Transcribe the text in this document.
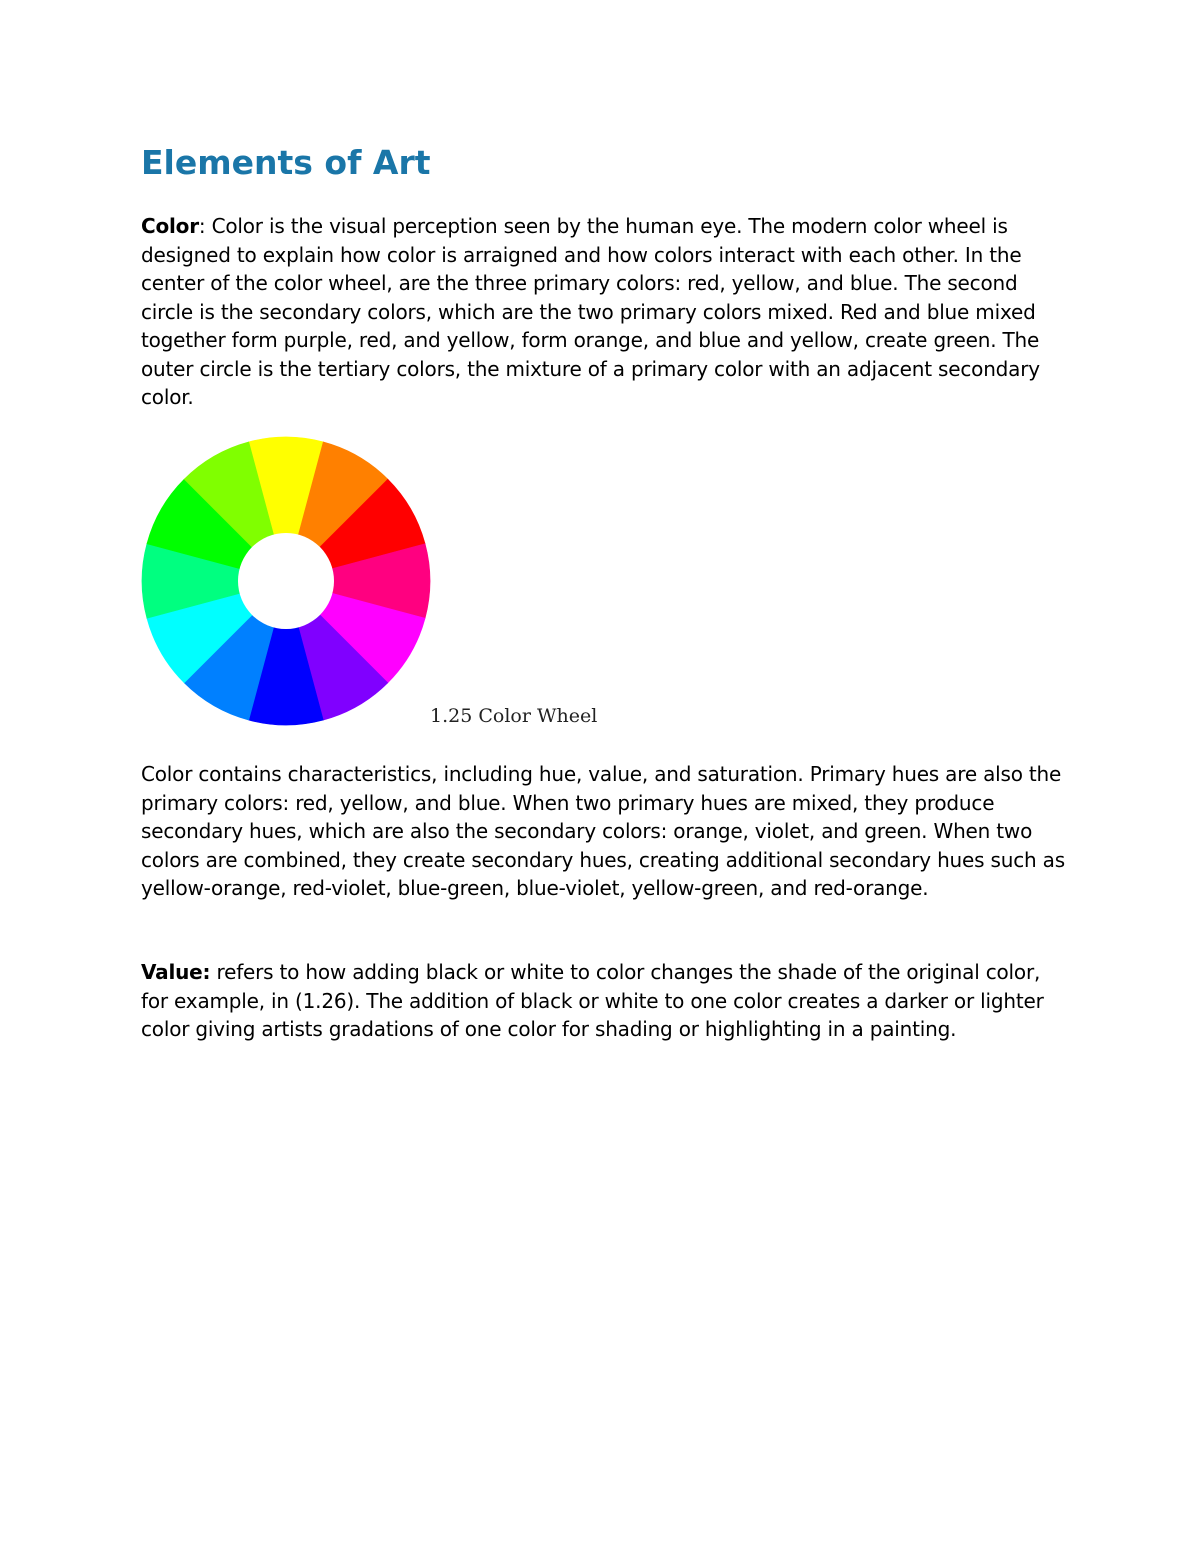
Elements of Art

Color: Color is the visual perception seen by the human eye. The modern color wheel is designed to explain how color is arraigned and how colors interact with each other. In the center of the color wheel, are the three primary colors: red, yellow, and blue. The second circle is the secondary colors, which are the two primary colors mixed. Red and blue mixed together form purple, red, and yellow, form orange, and blue and yellow, create green. The outer circle is the tertiary colors, the mixture of a primary color with an adjacent secondary color.

1.25 Color Wheel

Color contains characteristics, including hue, value, and saturation. Primary hues are also the primary colors: red, yellow, and blue. When two primary hues are mixed, they produce secondary hues, which are also the secondary colors: orange, violet, and green. When two colors are combined, they create secondary hues, creating additional secondary hues such as yellow-orange, red-violet, blue-green, blue-violet, yellow-green, and red-orange.

Value: refers to how adding black or white to color changes the shade of the original color, for example, in (1.26). The addition of black or white to one color creates a darker or lighter color giving artists gradations of one color for shading or highlighting in a painting.
